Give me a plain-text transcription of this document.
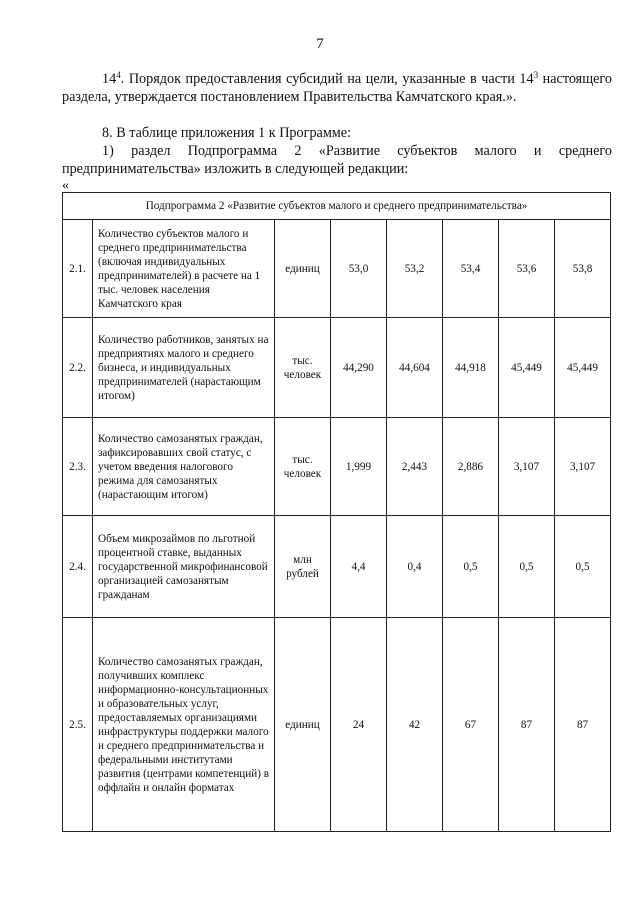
7

$14^4$. Порядок предоставления субсидий на цели, указанные в части $14^3$ настоящего раздела, утверждается постановлением Правительства Камчатского края.».

8. В таблице приложения 1 к Программе:

1) раздел Подпрограмма 2 «Развитие субъектов малого и среднего предпринимательства» изложить в следующей редакции:

«
Подпрограмма 2 «Развитие субъектов малого и среднего предпринимательства»							
2.1.	Количество субъектов малого и среднего предпринимательства (включая индивидуальных предпринимателей) в расчете на 1 тыс. человек населения Камчатского края	единиц	53,0	53,2	53,4	53,6	53,8
2.2.	Количество работников, занятых на предприятиях малого и среднего бизнеса, и индивидуальных предпринимателей (нарастающим итогом)	тыс. человек	44,290	44,604	44,918	45,449	45,449
2.3.	Количество самозанятых граждан, зафиксировавших свой статус, с учетом введения налогового режима для самозанятых (нарастающим итогом)	тыс. человек	1,999	2,443	2,886	3,107	3,107
2.4.	Объем микрозаймов по льготной процентной ставке, выданных государственной микрофинансовой организацией самозанятым гражданам	млн рублей	4,4	0,4	0,5	0,5	0,5
2.5.	Количество самозанятых граждан, получивших комплекс информационно-консультационных и образовательных услуг, предоставляемых организациями инфраструктуры поддержки малого и среднего предпринимательства и федеральными институтами развития (центрами компетенций) в оффлайн и онлайн форматах	единиц	24	42	67	87	87
